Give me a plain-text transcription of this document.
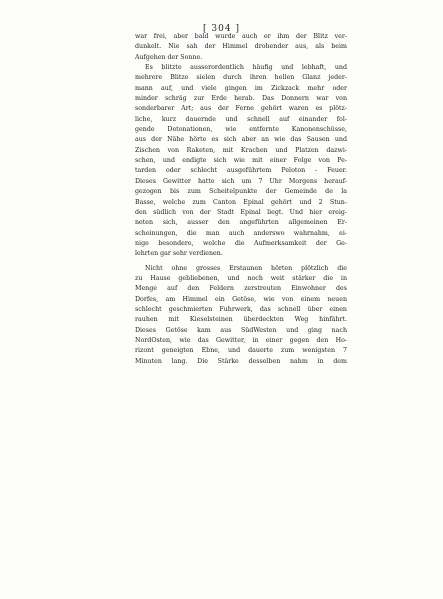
[ 304 ]
war frei, aber bald wurde auch er ihm der Blitz ver-
dunkelt. Nie sah der Himmel drohender aus, als beim
Aufgehen der Sonne.
Es blitzte ausserordentlich häufig und lebhaft, und
mehrere Blitze sielen durch ihren hellen Glanz jeder-
mann auf, und viele gingen im Zickzack mehr oder
minder schräg zur Erde herab. Das Donnern war von
sonderbarer Art; aus der Ferne gehört waren es plötz-
liche, kurz dauernde und schnell auf einander fol-
gende Detonationen, wie entfernte Kanonenschüsse,
aus der Nähe hörte es sich aber an wie das Sausen und
Zischen von Raketen, mit Krachen und Platzen dazwi-
schen, und endigte sich wie mit einer Folge von Pe-
tarden oder schlecht ausgeführtem Peloton - Feuer.
Dieses Gewitter hatte sich um 7 Uhr Morgens herauf-
gezogen bis zum Scheitelpunkte der Gemeinde de la
Basse, welche zum Canton Epinal gehört und 2 Stun-
den südlich von der Stadt Epinal liegt. Und hier ereig-
neten sich, ausser den angeführten allgemeinen Er-
scheinungen, die man auch anderswo wahrnahm, ei-
nige besondere, welche die Aufmerksamkeit der Ge-
lehrten gar sehr verdienen.
Nicht ohne grosses Erstaunen hörten plötzlich die
zu Hause gebliebenen, und noch weit stärker die in
Menge auf den Feldern zerstreuten Einwohner des
Dorfes, am Himmel ein Getöse, wie von einem neuen
schlecht geschmierten Fuhrwerk, das schnell über einen
rauhen mit Kieselsteinen überdeckten Weg hinfährt.
Dieses Getöse kam aus SüdWesten und ging nach
NordOsten, wie das Gewitter, in einer gegen den Ho-
rizont geneigten Ebne, und dauerte zum wenigsten 7
Minuten lang. Die Stärke desselben nahm in dem
